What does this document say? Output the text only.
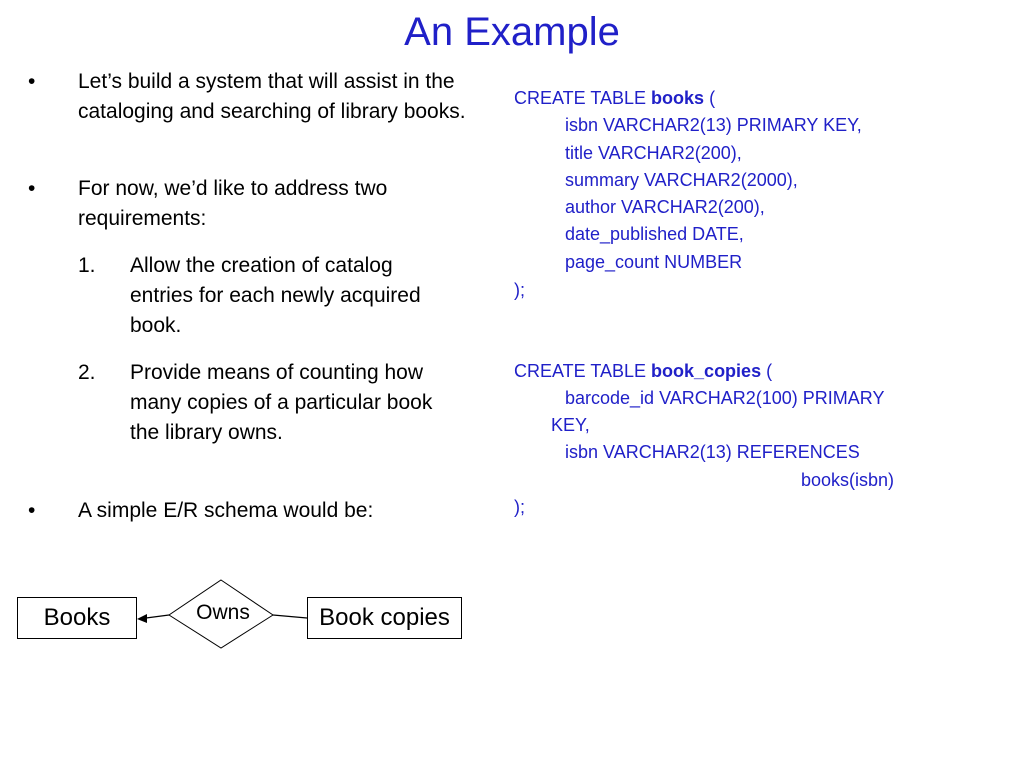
An Example
• Let’s build a system that will assist in the cataloging and searching of library books.
• For now, we’d like to address two requirements:
1. Allow the creation of catalog entries for each newly acquired book.
2. Provide means of counting how many copies of a particular book the library owns.
• A simple E/R schema would be:
Books	Owns	Book copies
CREATE TABLE books (
isbn VARCHAR2(13) PRIMARY KEY,
title VARCHAR2(200),
summary VARCHAR2(2000),
author VARCHAR2(200),
date_published DATE,
page_count NUMBER
);
CREATE TABLE book_copies (
barcode_id VARCHAR2(100) PRIMARY
KEY,
isbn VARCHAR2(13) REFERENCES
books(isbn)
);
